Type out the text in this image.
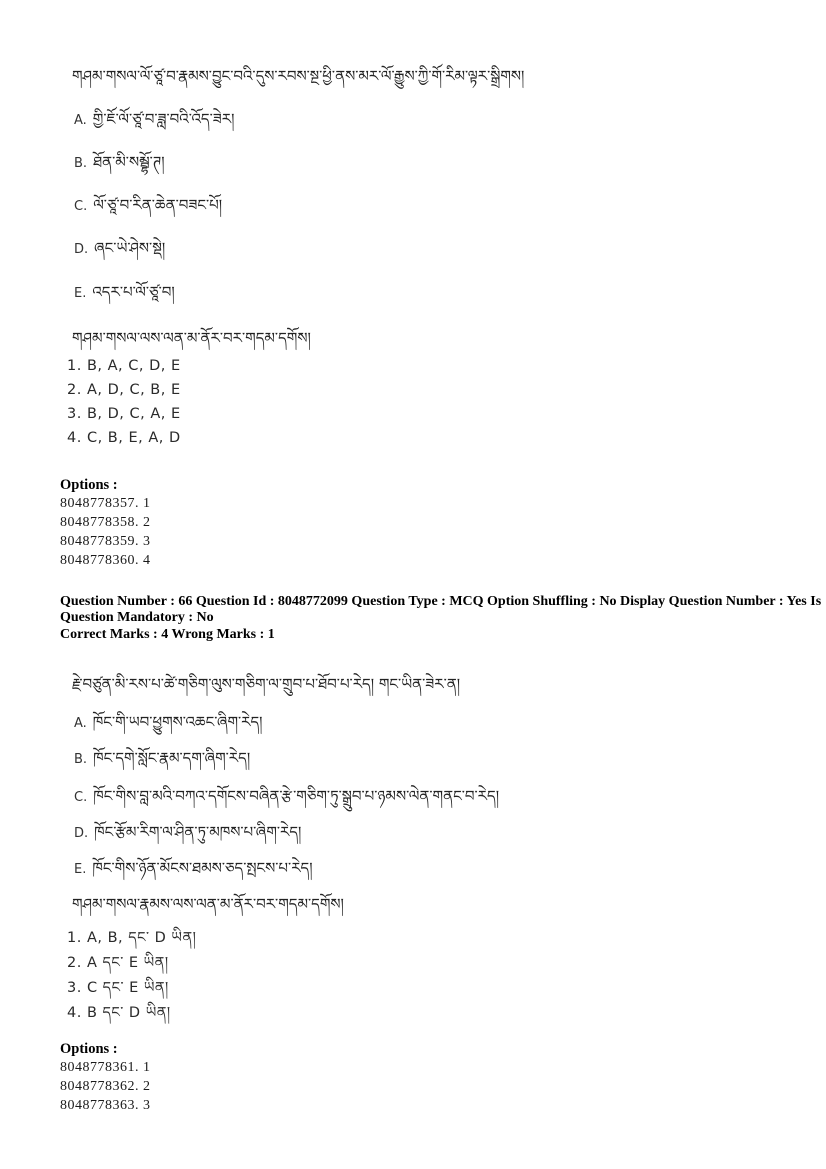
གཤམ་གསལ་ལོ་ཙཱ་བ་རྣམས་བྱུང་བའི་དུས་རབས་སྔ་ཕྱི་ནས་མར་ལོ་རྒྱུས་ཀྱི་གོ་རིམ་ལྟར་སྒྲིགས།
A. གྱི་ཇོ་ལོ་ཙཱ་བ་ཟླ་བའི་འོད་ཟེར།
B. ཐོན་མི་སམྦྷོ་ཊ།
C. ལོ་ཙཱ་བ་རིན་ཆེན་བཟང་པོ།
D. ཞང་ཡེ་ཤེས་སྡེ།
E. འདར་པ་ལོ་ཙཱ་བ།
གཤམ་གསལ་ལས་ལན་མ་ནོར་བར་གདམ་དགོས།
1. B, A, C, D, E
2. A, D, C, B, E
3. B, D, C, A, E
4. C, B, E, A, D
Options :
8048778357. 1
8048778358. 2
8048778359. 3
8048778360. 4

Question Number : 66 Question Id : 8048772099 Question Type : MCQ Option Shuffling : No Display Question Number : Yes Is Question Mandatory : No

Correct Marks : 4 Wrong Marks : 1

རྗེ་བཙུན་མི་རས་པ་ཚེ་གཅིག་ལུས་གཅིག་ལ་གྲུབ་པ་ཐོབ་པ་རེད། གང་ཡིན་ཟེར་ན།
A. ཁོང་གི་ཡབ་ཕྱུགས་འཆང་ཞིག་རེད།
B. ཁོང་དགེ་སློང་རྣམ་དག་ཞིག་རེད།
C. ཁོང་གིས་བླ་མའི་བཀའ་དགོངས་བཞིན་རྩེ་གཅིག་ཏུ་སྒྲུབ་པ་ཉམས་ལེན་གནང་བ་རེད།
D. ཁོང་རྩོམ་རིག་ལ་ཤིན་ཏུ་མཁས་པ་ཞིག་རེད།
E. ཁོང་གིས་ཉོན་མོངས་ཐམས་ཅད་སྤངས་པ་རེད།
གཤམ་གསལ་རྣམས་ལས་ལན་མ་ནོར་བར་གདམ་དགོས།
1. A, B, དང་ D ཡིན།
2. A དང་ E ཡིན།
3. C དང་ E ཡིན།
4. B དང་ D ཡིན།
Options :
8048778361. 1
8048778362. 2
8048778363. 3
